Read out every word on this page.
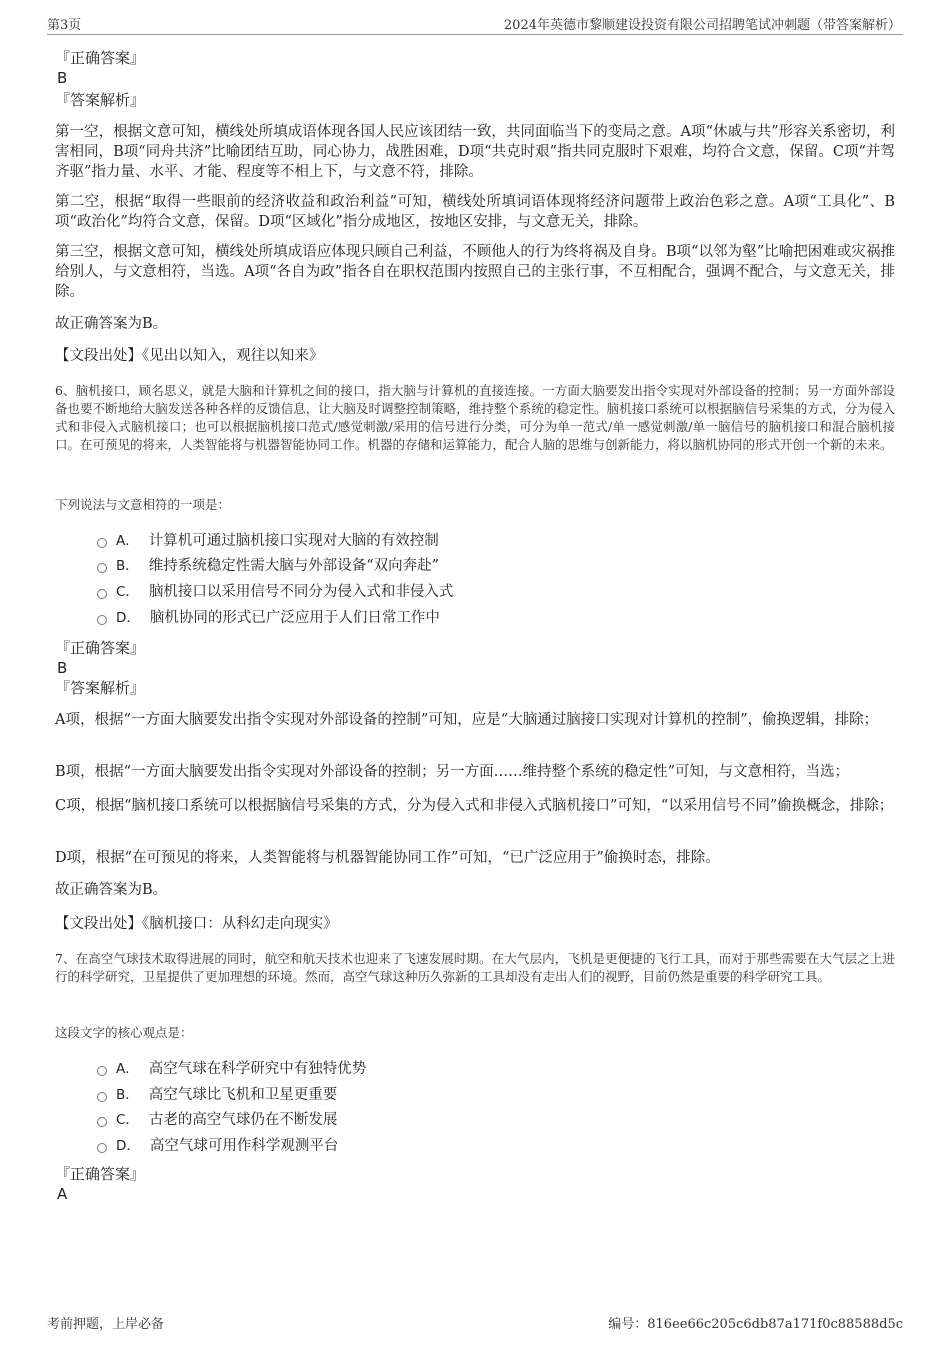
第3页	2024年英德市黎顺建设投资有限公司招聘笔试冲刺题（带答案解析）
『正确答案』
B
『答案解析』

第一空，根据文意可知，横线处所填成语体现各国人民应该团结一致，共同面临当下的变局之意。A项“休戚与共”形容关系密切，利害相同，B项“同舟共济”比喻团结互助，同心协力，战胜困难，D项“共克时艰”指共同克服时下艰难，均符合文意，保留。C项“并驾齐驱”指力量、水平、才能、程度等不相上下，与文意不符，排除。

第二空，根据“取得一些眼前的经济收益和政治利益”可知，横线处所填词语体现将经济问题带上政治色彩之意。A项“工具化”、B项“政治化”均符合文意，保留。D项“区域化”指分成地区，按地区安排，与文意无关，排除。

第三空，根据文意可知，横线处所填成语应体现只顾自己利益，不顾他人的行为终将祸及自身。B项“以邻为壑”比喻把困难或灾祸推给别人，与文意相符，当选。A项“各自为政”指各自在职权范围内按照自己的主张行事，不互相配合，强调不配合，与文意无关，排除。

故正确答案为B。

【文段出处】《见出以知入，观往以知来》
6、脑机接口，顾名思义，就是大脑和计算机之间的接口，指大脑与计算机的直接连接。一方面大脑要发出指令实现对外部设备的控制；另一方面外部设备也要不断地给大脑发送各种各样的反馈信息，让大脑及时调整控制策略，维持整个系统的稳定性。脑机接口系统可以根据脑信号采集的方式，分为侵入式和非侵入式脑机接口；也可以根据脑机接口范式/感觉刺激/采用的信号进行分类，可分为单一范式/单一感觉刺激/单一脑信号的脑机接口和混合脑机接口。在可预见的将来，人类智能将与机器智能协同工作。机器的存储和运算能力，配合人脑的思维与创新能力，将以脑机协同的形式开创一个新的未来。
下列说法与文意相符的一项是：
A． 计算机可通过脑机接口实现对大脑的有效控制
B． 维持系统稳定性需大脑与外部设备“双向奔赴”
C． 脑机接口以采用信号不同分为侵入式和非侵入式
D． 脑机协同的形式已广泛应用于人们日常工作中
『正确答案』
B
『答案解析』

A项，根据“一方面大脑要发出指令实现对外部设备的控制”可知，应是“大脑通过脑接口实现对计算机的控制”，偷换逻辑，排除；

B项，根据“一方面大脑要发出指令实现对外部设备的控制；另一方面……维持整个系统的稳定性”可知，与文意相符，当选；

C项，根据“脑机接口系统可以根据脑信号采集的方式，分为侵入式和非侵入式脑机接口”可知，“以采用信号不同”偷换概念，排除；

D项，根据“在可预见的将来，人类智能将与机器智能协同工作”可知，“已广泛应用于”偷换时态，排除。

故正确答案为B。

【文段出处】《脑机接口：从科幻走向现实》
7、在高空气球技术取得进展的同时，航空和航天技术也迎来了飞速发展时期。在大气层内，飞机是更便捷的飞行工具，而对于那些需要在大气层之上进行的科学研究，卫星提供了更加理想的环境。然而，高空气球这种历久弥新的工具却没有走出人们的视野，目前仍然是重要的科学研究工具。
这段文字的核心观点是：
A． 高空气球在科学研究中有独特优势
B． 高空气球比飞机和卫星更重要
C． 古老的高空气球仍在不断发展
D． 高空气球可用作科学观测平台
『正确答案』
A
考前押题，上岸必备	编号：816ee66c205c6db87a171f0c88588d5c
